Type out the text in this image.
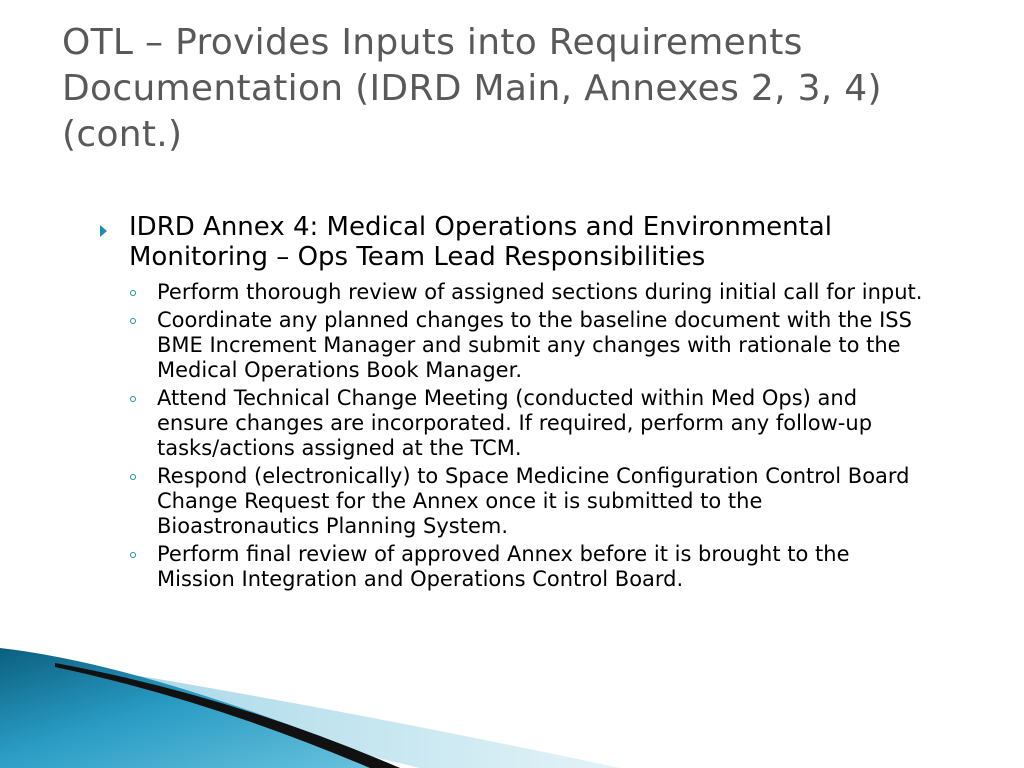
OTL – Provides Inputs into Requirements Documentation (IDRD Main, Annexes 2, 3, 4)(cont.)
IDRD Annex 4: Medical Operations and Environmental Monitoring – Ops Team Lead Responsibilities
Perform thorough review of assigned sections during initial call for input.
Coordinate any planned changes to the baseline document with the ISS BME Increment Manager and submit any changes with rationale to the Medical Operations Book Manager.
Attend Technical Change Meeting (conducted within Med Ops) and ensure changes are incorporated. If required, perform any follow-up tasks/actions assigned at the TCM.
Respond (electronically) to Space Medicine Configuration Control Board Change Request for the Annex once it is submitted to the Bioastronautics Planning System.
Perform final review of approved Annex before it is brought to the Mission Integration and Operations Control Board.
